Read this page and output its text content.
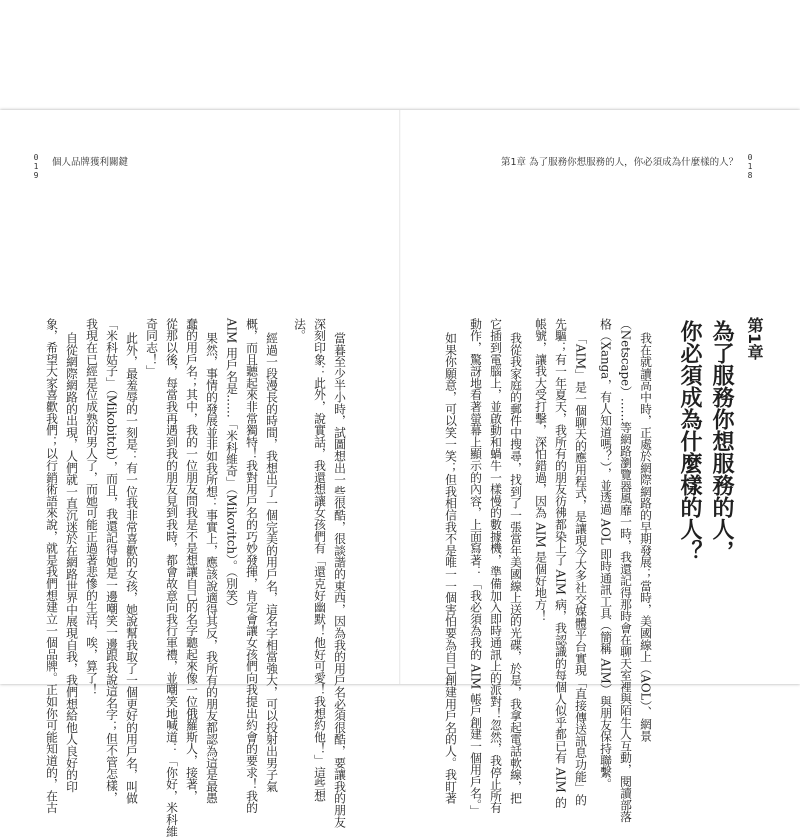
0
1
9
個人品牌獲利關鍵
當暮至少半小時，試圖想出一些很酷，很談諧的東西，因為我的用戶名必須很酷，要讓我的朋友
深刻印象：此外，說實話，我還想讓女孩們有「還克好幽默！他好可愛！我想約他！」這些想
法。
經過一段漫長的時間，我想出了一個完美的用戶名，這名字相當強大，可以投射出男子氣
概，而且聽起來非常獨特！我對用戶名的巧妙發揮，肯定會讓女孩們向我提出約會的要求！我的
AIM 用戶名是……「米科維奇」（Mikovitch）。（別笑）
果然，事情的發展並非如我所想：事實上，應該說適得其反，我所有的朋友都認為這是最愚
蠢的用戶名；其中，我的一位朋友問我是不是想讓自己的名字聽起來像一位俄羅斯人，接著，
從那以後，每當我再遇到我的朋友見到我時，都會故意向我行軍禮，並嘲笑地喊道：「你好，米科維
奇同志！」
此外，最羞辱的一刻是：有一位我非常喜歡的女孩，她說幫我取了一個更好的用戶名，叫做
「米科姑子」（Mikobitch），而且，我還記得她是一邊嘲笑一邊跟我說這名字；但不管怎樣，
我現在已經是位成熟的男人了，而她可能正過著悲慘的生活，唉，算了！
自從網際網路的出現，人們就一直沉迷於在網路世界中展現自我，我們想給他人良好的印
象，希望大家喜歡我們；以行銷術語來說，就是我們想建立一個品牌。正如你可能知道的，在古
第1章 為了服務你想服務的人，你必須成為什麼樣的人？ 0
1
8
第1章
為了服務你想服務的人，
你必須成為什麼樣的人？
我在就讀高中時，正處於網際網路的早期發展；當時，美國線上（AOL）、網景
（Netscape）……等網路瀏覽器風靡一時，我還記得那時會在聊天室裡與陌生人互動，閱讀部落
格（Xanga，有人知道嗎？），並透過 AOL 即時通訊工具（簡稱 AIM）與朋友保持聯繫。
「AIM」是一個聊天的應用程式，是讓現今大多社交媒體平台實現「直接傳送訊息功能」的
先驅；有一年夏天，我所有的朋友彷彿都染上了 AIM 病，我認識的每個人似乎都已有 AIM 的
帳號，讓我大受打擊，深怕錯過，因為 AIM 是個好地方！
我從我家庭的郵件中搜尋，找到了一張當年美國線上送的光碟，於是，我拿起電話軟線，把
它插到電腦上，並啟動和蝸牛一樣慢的數據機，準備加入即時通訊上的派對！忽然，我停止所有
動作，驚訝地看著螢幕上顯示的內容，上面寫著：「我必須為我的 AIM 帳戶創建一個用戶名。」
如果你願意，可以笑一笑；但我相信我不是唯一一個害怕要為自己創建用戶名的人。我盯著
